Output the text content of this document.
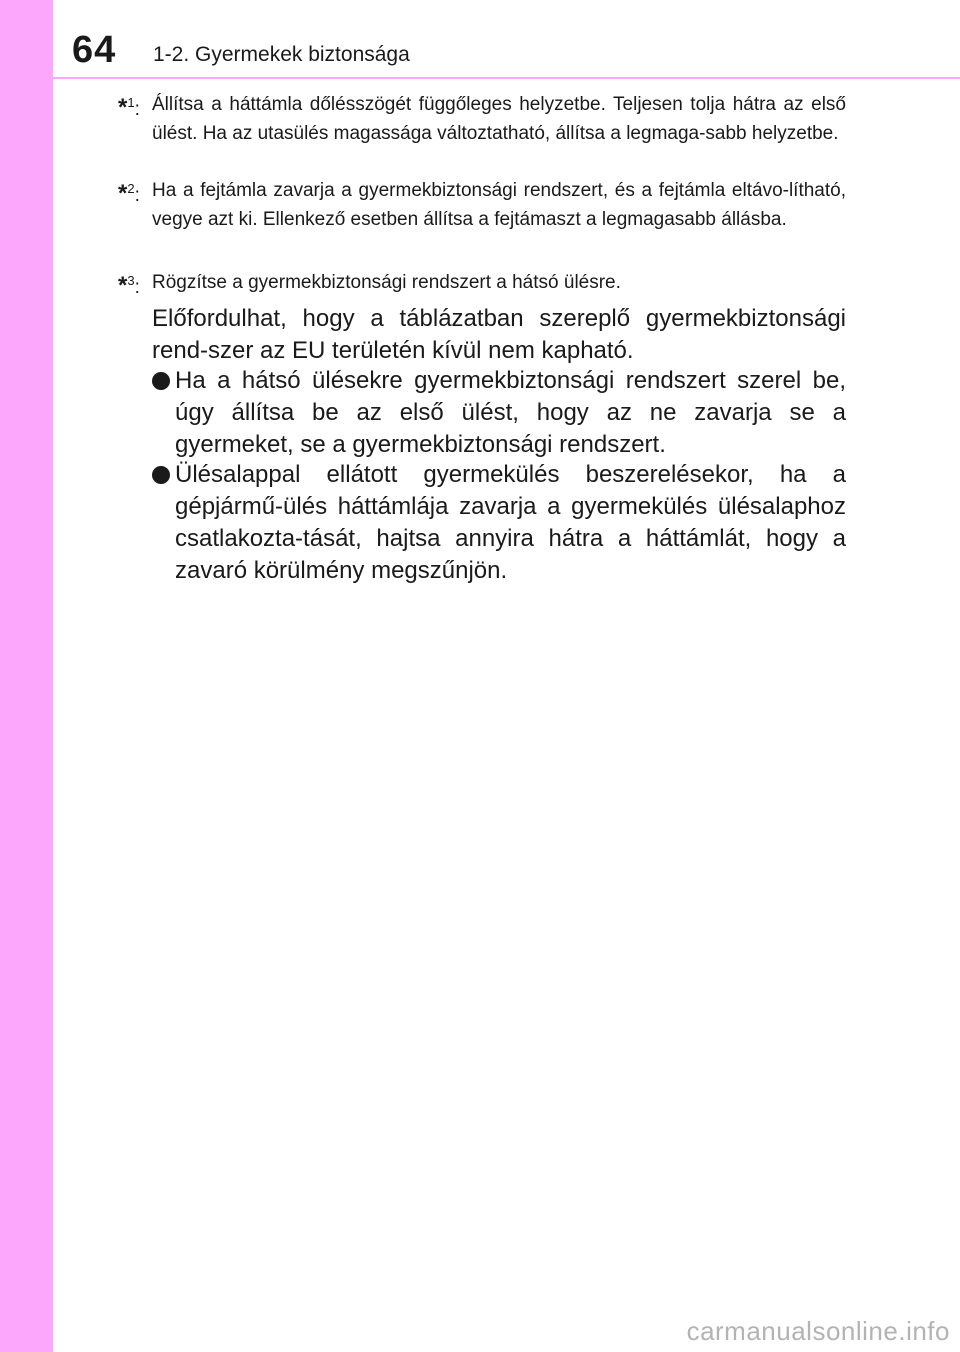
64 1-2. Gyermekek biztonsága
*$^1$: Állítsa a háttámla dőlésszögét függőleges helyzetbe. Teljesen tolja hátra az első ülést. Ha az utasülés magassága változtatható, állítsa a legmaga-sabb helyzetbe.
*$^2$: Ha a fejtámla zavarja a gyermekbiztonsági rendszert, és a fejtámla eltávo-lítható, vegye azt ki. Ellenkező esetben állítsa a fejtámaszt a legmagasabb állásba.
*$^3$: Rögzítse a gyermekbiztonsági rendszert a hátsó ülésre.
Előfordulhat, hogy a táblázatban szereplő gyermekbiztonsági rend-szer az EU területén kívül nem kapható.
Ha a hátsó ülésekre gyermekbiztonsági rendszert szerel be, úgy állítsa be az első ülést, hogy az ne zavarja se a gyermeket, se a gyermekbiztonsági rendszert.
Ülésalappal ellátott gyermekülés beszerelésekor, ha a gépjármű-ülés háttámlája zavarja a gyermekülés ülésalaphoz csatlakozta-tását, hajtsa annyira hátra a háttámlát, hogy a zavaró körülmény megszűnjön.
carmanualsonline.info
